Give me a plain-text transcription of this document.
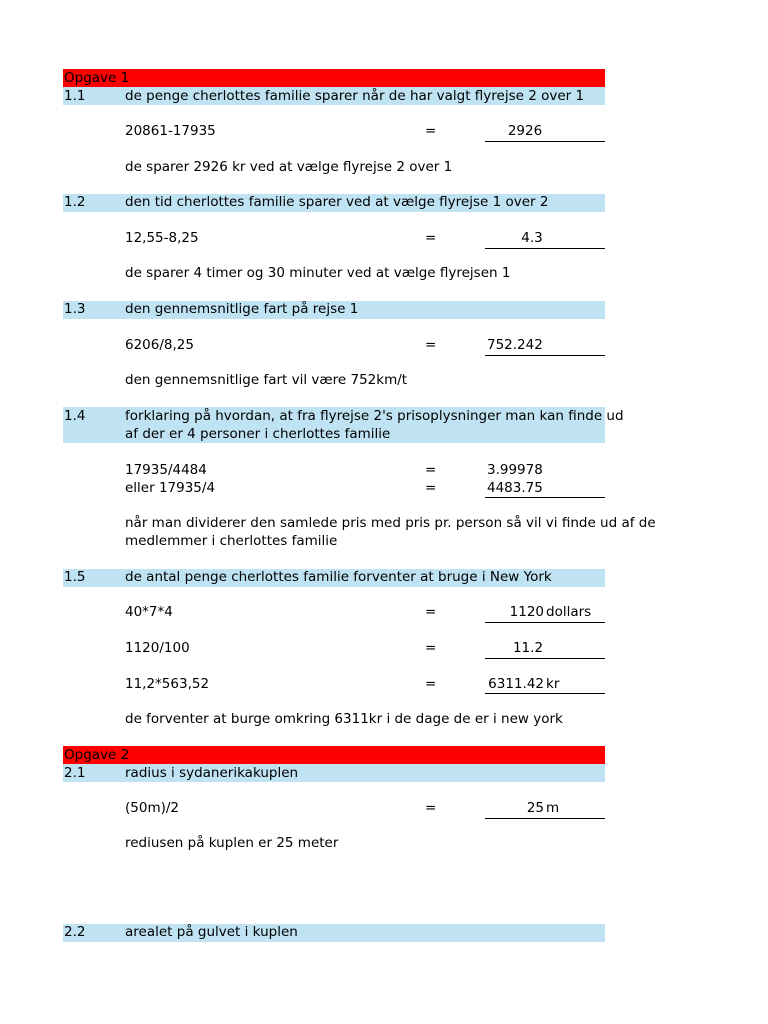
Opgave 1
1.1	de penge cherlottes familie sparer når de har valgt flyrejse 2 over 1
20861-17935	=	2926
de sparer 2926 kr ved at vælge flyrejse 2 over 1
1.2	den tid cherlottes familie sparer ved at vælge flyrejse 1 over 2
12,55-8,25	=	4.3
de sparer 4 timer og 30 minuter ved at vælge flyrejsen 1
1.3	den gennemsnitlige fart på rejse 1
6206/8,25	=	752.242
den gennemsnitlige fart vil være 752km/t
1.4	forklaring på hvordan, at fra flyrejse 2's prisoplysninger man kan finde ud
af der er 4 personer i cherlottes familie
17935/4484	=	3.99978
eller 17935/4	=	4483.75
når man dividerer den samlede pris med pris pr. person så vil vi finde ud af de
medlemmer i cherlottes familie
1.5	de antal penge cherlottes familie forventer at bruge i New York
40*7*4	=	1120 dollars
1120/100	=	11.2
11,2*563,52	=	6311.42 kr
de forventer at burge omkring 6311kr i de dage de er i new york
Opgave 2
2.1	radius i sydanerikakuplen
(50m)/2	=	25 m
rediusen på kuplen er 25 meter
2.2	arealet på gulvet i kuplen
